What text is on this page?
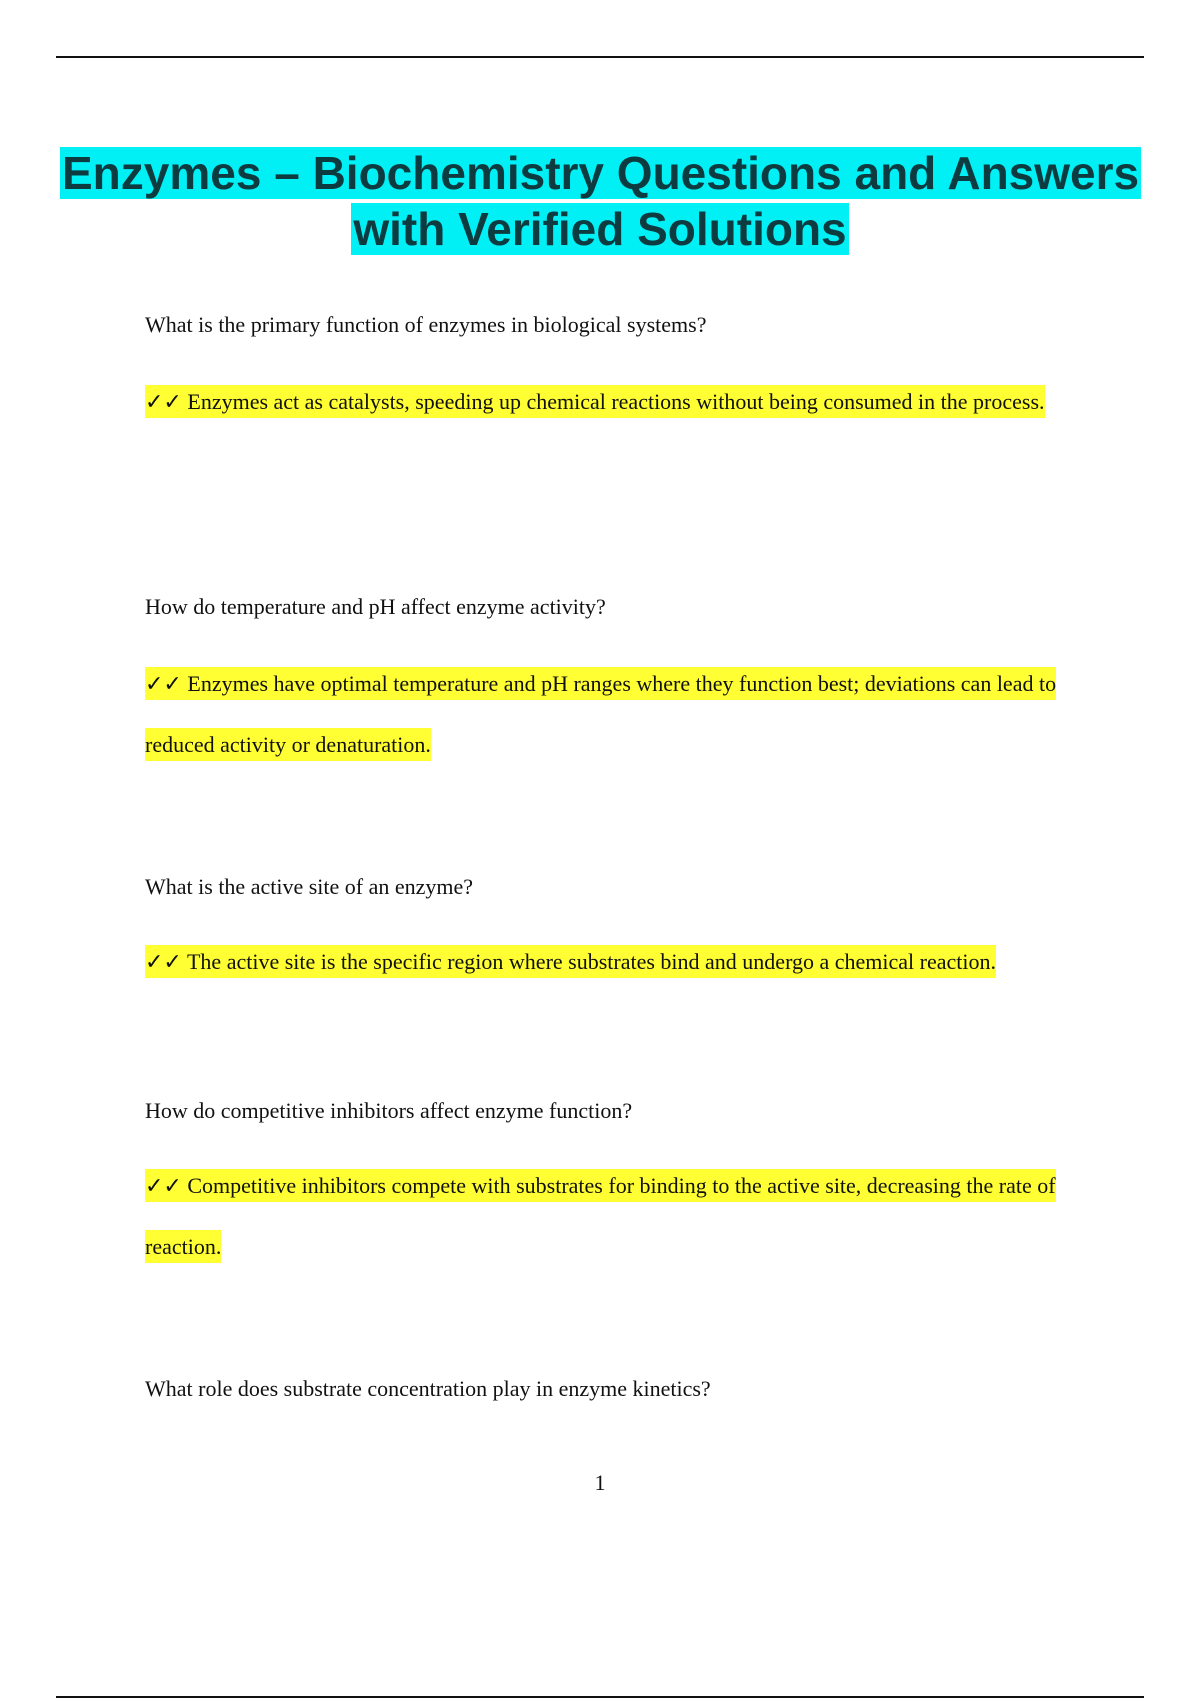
Enzymes – Biochemistry Questions and Answers with Verified Solutions

What is the primary function of enzymes in biological systems?

✓✓ Enzymes act as catalysts, speeding up chemical reactions without being consumed in the process.

How do temperature and pH affect enzyme activity?

✓✓ Enzymes have optimal temperature and pH ranges where they function best; deviations can lead to reduced activity or denaturation.

What is the active site of an enzyme?

✓✓ The active site is the specific region where substrates bind and undergo a chemical reaction.

How do competitive inhibitors affect enzyme function?

✓✓ Competitive inhibitors compete with substrates for binding to the active site, decreasing the rate of reaction.

What role does substrate concentration play in enzyme kinetics?

1
